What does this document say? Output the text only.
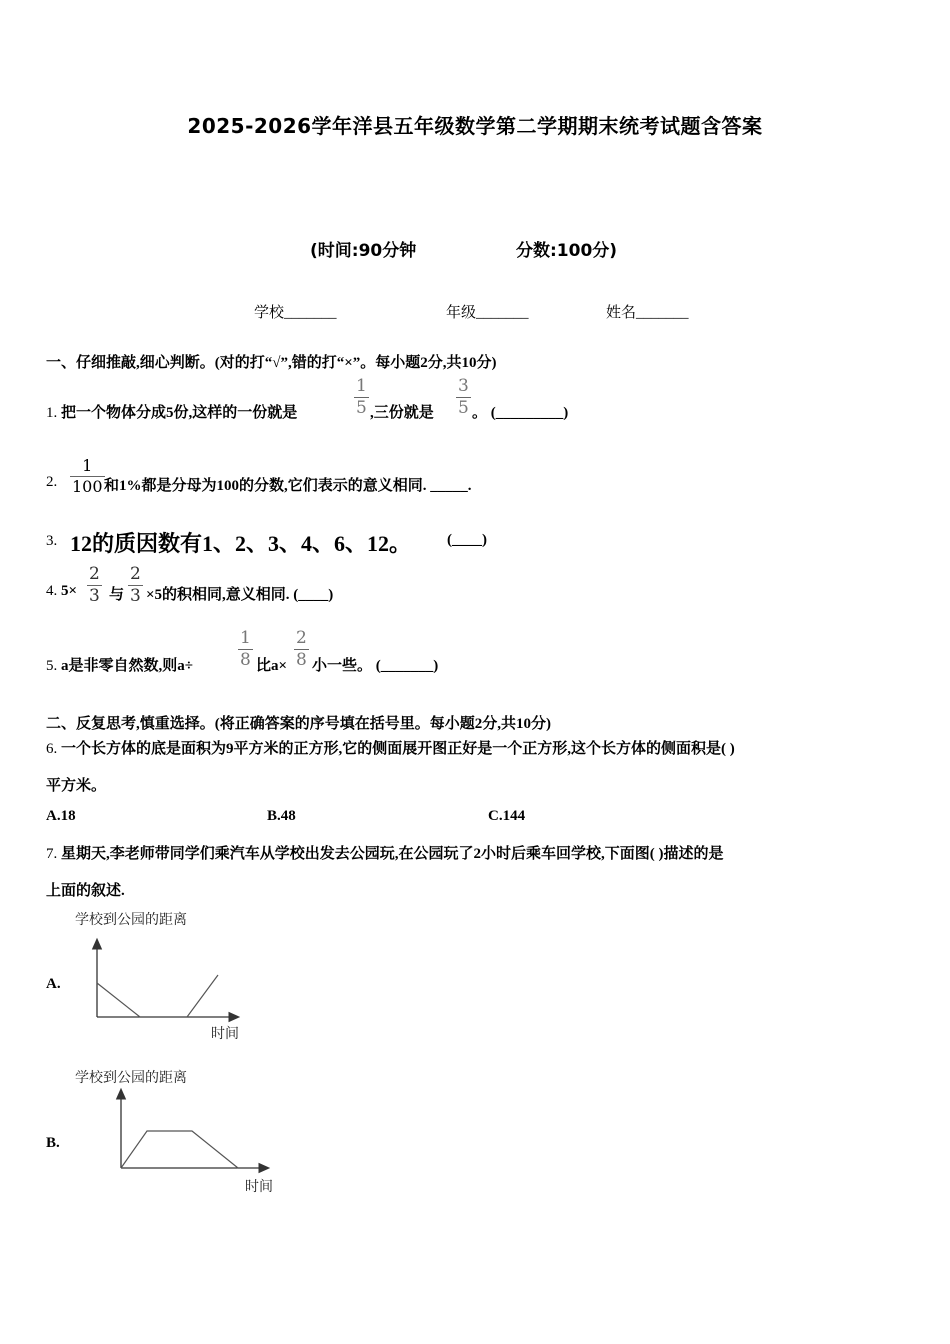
2025-2026学年洋县五年级数学第二学期期末统考试题含答案
(时间:90分钟	分数:100分)
学校_______	年级_______	姓名_______
一、仔细推敲,细心判断。(对的打“√”,错的打“×”。每小题2分,共10分)
1. 把一个物体分成5份,这样的一份就是	$\frac{1}{5}$ ,三份就是 $\frac{3}{5}$ 。 (_________)
2. $\frac{1}{100}$ 和1%都是分母为100的分数,它们表示的意义相同. _____.
3. 12的质因数有1、2、3、4、6、12。 (____)
4. $5\times \frac{2}{3}$ 与 $\frac{2}{3} \times 5$的积相同,意义相同. (____)
5. a是非零自然数,则a÷	$\frac{1}{8}$ 比$a\times \frac{2}{8}$ 小一些。 (_______)
二、反复思考,慎重选择。(将正确答案的序号填在括号里。每小题2分,共10分)
6. 一个长方体的底是面积为9平方米的正方形,它的侧面展开图正好是一个正方形,这个长方体的侧面积是( )
平方米。
A.18	B.48	C.144
7. 星期天,李老师带同学们乘汽车从学校出发去公园玩,在公园玩了2小时后乘车回学校,下面图( )描述的是
上面的叙述.
A.
学校到公园的距离
时间
B.
学校到公园的距离
时间
